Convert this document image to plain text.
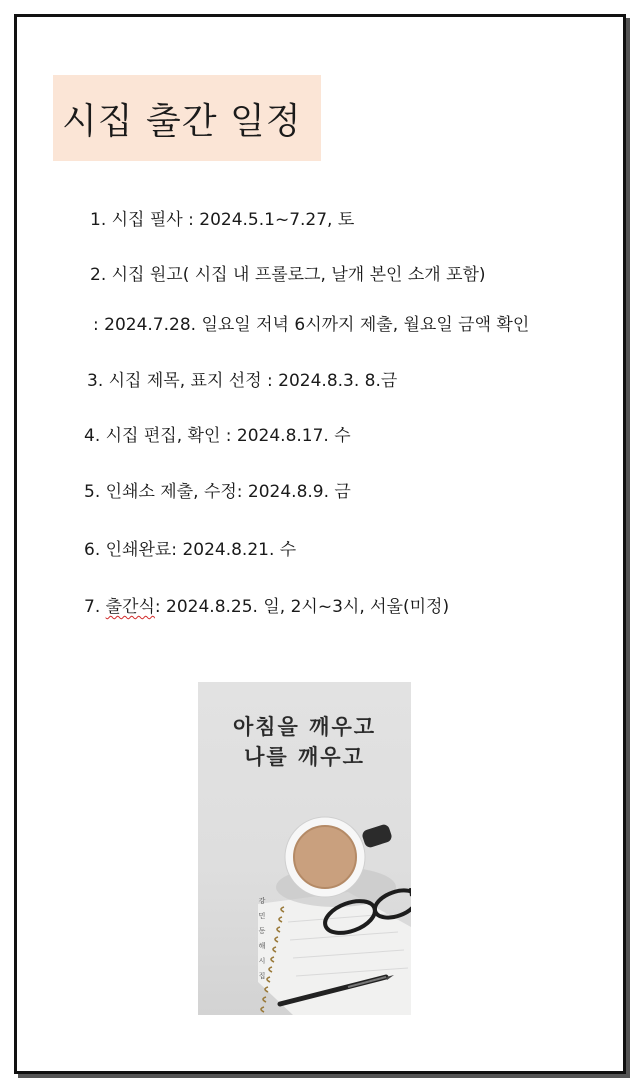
시집 출간 일정
1. 시집 필사 : 2024.5.1~7.27, 토
2. 시집 원고( 시집 내 프롤로그, 날개 본인 소개 포함)
: 2024.7.28. 일요일 저녁 6시까지 제출, 월요일 금액 확인
3. 시집 제목, 표지 선정 : 2024.8.3. 8.금
4. 시집 편집, 확인 : 2024.8.17. 수
5. 인쇄소 제출, 수정: 2024.8.9. 금
6. 인쇄완료: 2024.8.21. 수
7. 출간식: 2024.8.25. 일, 2시~3시, 서울(미정)
아침을 깨우고
나를 깨우고
강민동해시집
